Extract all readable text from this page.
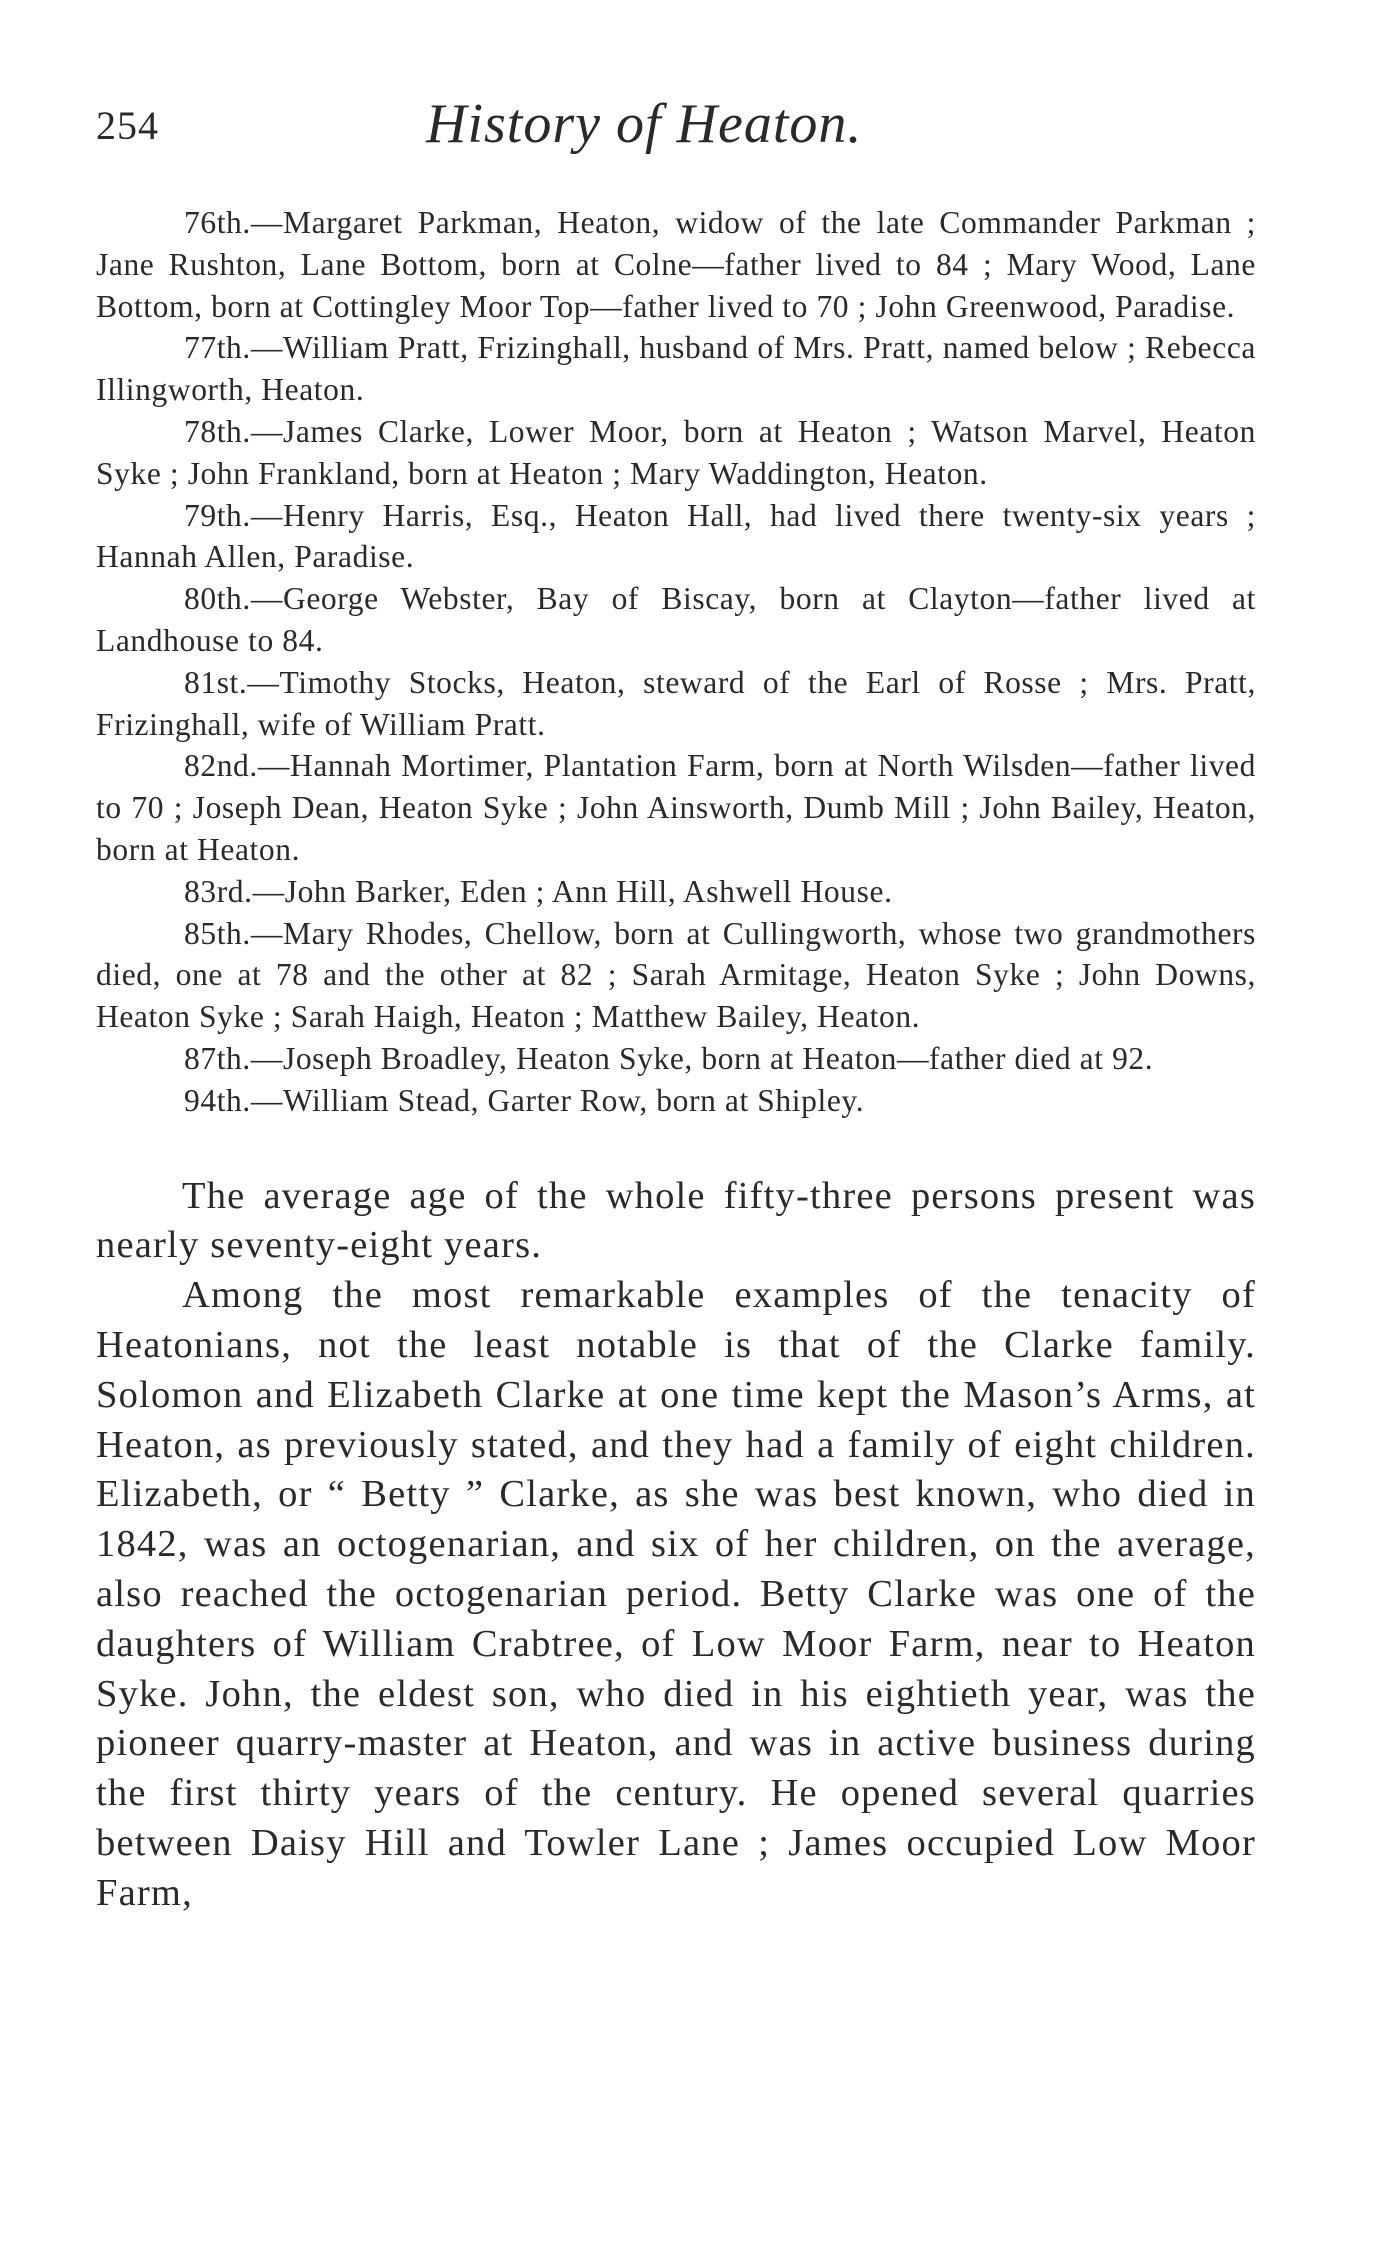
254	History of Heaton.

76th.—Margaret Parkman, Heaton, widow of the late Commander Parkman ; Jane Rushton, Lane Bottom, born at Colne—father lived to 84 ; Mary Wood, Lane Bottom, born at Cottingley Moor Top—father lived to 70 ; John Greenwood, Paradise.

77th.—William Pratt, Frizinghall, husband of Mrs. Pratt, named below ; Rebecca Illingworth, Heaton.

78th.—James Clarke, Lower Moor, born at Heaton ; Watson Marvel, Heaton Syke ; John Frankland, born at Heaton ; Mary Waddington, Heaton.

79th.—Henry Harris, Esq., Heaton Hall, had lived there twenty-six years ; Hannah Allen, Paradise.

80th.—George Webster, Bay of Biscay, born at Clayton—father lived at Landhouse to 84.

81st.—Timothy Stocks, Heaton, steward of the Earl of Rosse ; Mrs. Pratt, Frizinghall, wife of William Pratt.

82nd.—Hannah Mortimer, Plantation Farm, born at North Wilsden—father lived to 70 ; Joseph Dean, Heaton Syke ; John Ainsworth, Dumb Mill ; John Bailey, Heaton, born at Heaton.

83rd.—John Barker, Eden ; Ann Hill, Ashwell House.

85th.—Mary Rhodes, Chellow, born at Cullingworth, whose two grandmothers died, one at 78 and the other at 82 ; Sarah Armitage, Heaton Syke ; John Downs, Heaton Syke ; Sarah Haigh, Heaton ; Matthew Bailey, Heaton.

87th.—Joseph Broadley, Heaton Syke, born at Heaton—father died at 92.

94th.—William Stead, Garter Row, born at Shipley.

The average age of the whole fifty-three persons present was nearly seventy-eight years.

Among the most remarkable examples of the tenacity of Heatonians, not the least notable is that of the Clarke family. Solomon and Elizabeth Clarke at one time kept the Mason’s Arms, at Heaton, as previously stated, and they had a family of eight children. Elizabeth, or “ Betty ” Clarke, as she was best known, who died in 1842, was an octogenarian, and six of her children, on the average, also reached the octogenarian period. Betty Clarke was one of the daughters of William Crabtree, of Low Moor Farm, near to Heaton Syke. John, the eldest son, who died in his eightieth year, was the pioneer quarry-master at Heaton, and was in active business during the first thirty years of the century. He opened several quarries between Daisy Hill and Towler Lane ; James occupied Low Moor Farm,
